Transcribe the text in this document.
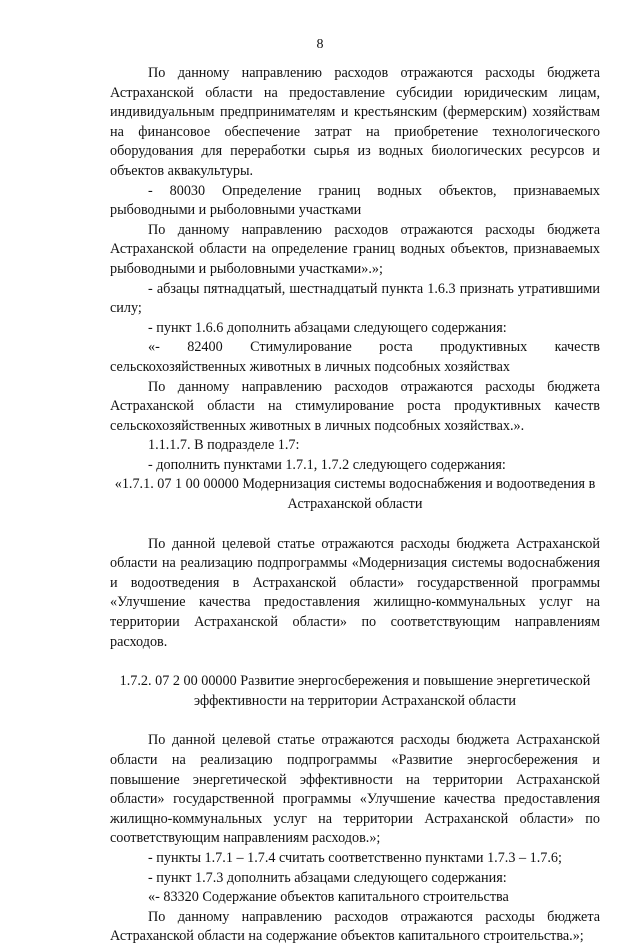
8

По данному направлению расходов отражаются расходы бюджета Астраханской области на предоставление субсидии юридическим лицам, индивидуальным предпринимателям и крестьянским (фермерским) хозяйствам на финансовое обеспечение затрат на приобретение технологического оборудования для переработки сырья из водных биологических ресурсов и объектов аквакультуры.

- 80030 Определение границ водных объектов, признаваемых рыбоводными и рыболовными участками

По данному направлению расходов отражаются расходы бюджета Астраханской области на определение границ водных объектов, признаваемых рыбоводными и рыболовными участками».»;

- абзацы пятнадцатый, шестнадцатый пункта 1.6.3 признать утратившими силу;

- пункт 1.6.6 дополнить абзацами следующего содержания:

«- 82400 Стимулирование роста продуктивных качеств сельскохозяйственных животных в личных подсобных хозяйствах

По данному направлению расходов отражаются расходы бюджета Астраханской области на стимулирование роста продуктивных качеств сельскохозяйственных животных в личных подсобных хозяйствах.».

1.1.1.7. В подразделе 1.7:

- дополнить пунктами 1.7.1, 1.7.2 следующего содержания:

«1.7.1. 07 1 00 00000 Модернизация системы водоснабжения и водоотведения в Астраханской области

По данной целевой статье отражаются расходы бюджета Астраханской области на реализацию подпрограммы «Модернизация системы водоснабжения и водоотведения в Астраханской области» государственной программы «Улучшение качества предоставления жилищно-коммунальных услуг на территории Астраханской области» по соответствующим направлениям расходов.

1.7.2. 07 2 00 00000 Развитие энергосбережения и повышение энергетической эффективности на территории Астраханской области

По данной целевой статье отражаются расходы бюджета Астраханской области на реализацию подпрограммы «Развитие энергосбережения и повышение энергетической эффективности на территории Астраханской области» государственной программы «Улучшение качества предоставления жилищно-коммунальных услуг на территории Астраханской области» по соответствующим направлениям расходов.»;

- пункты 1.7.1 – 1.7.4 считать соответственно пунктами 1.7.3 – 1.7.6;

- пункт 1.7.3 дополнить абзацами следующего содержания:

«- 83320 Содержание объектов капитального строительства

По данному направлению расходов отражаются расходы бюджета Астраханской области на содержание объектов капитального строительства.»;
